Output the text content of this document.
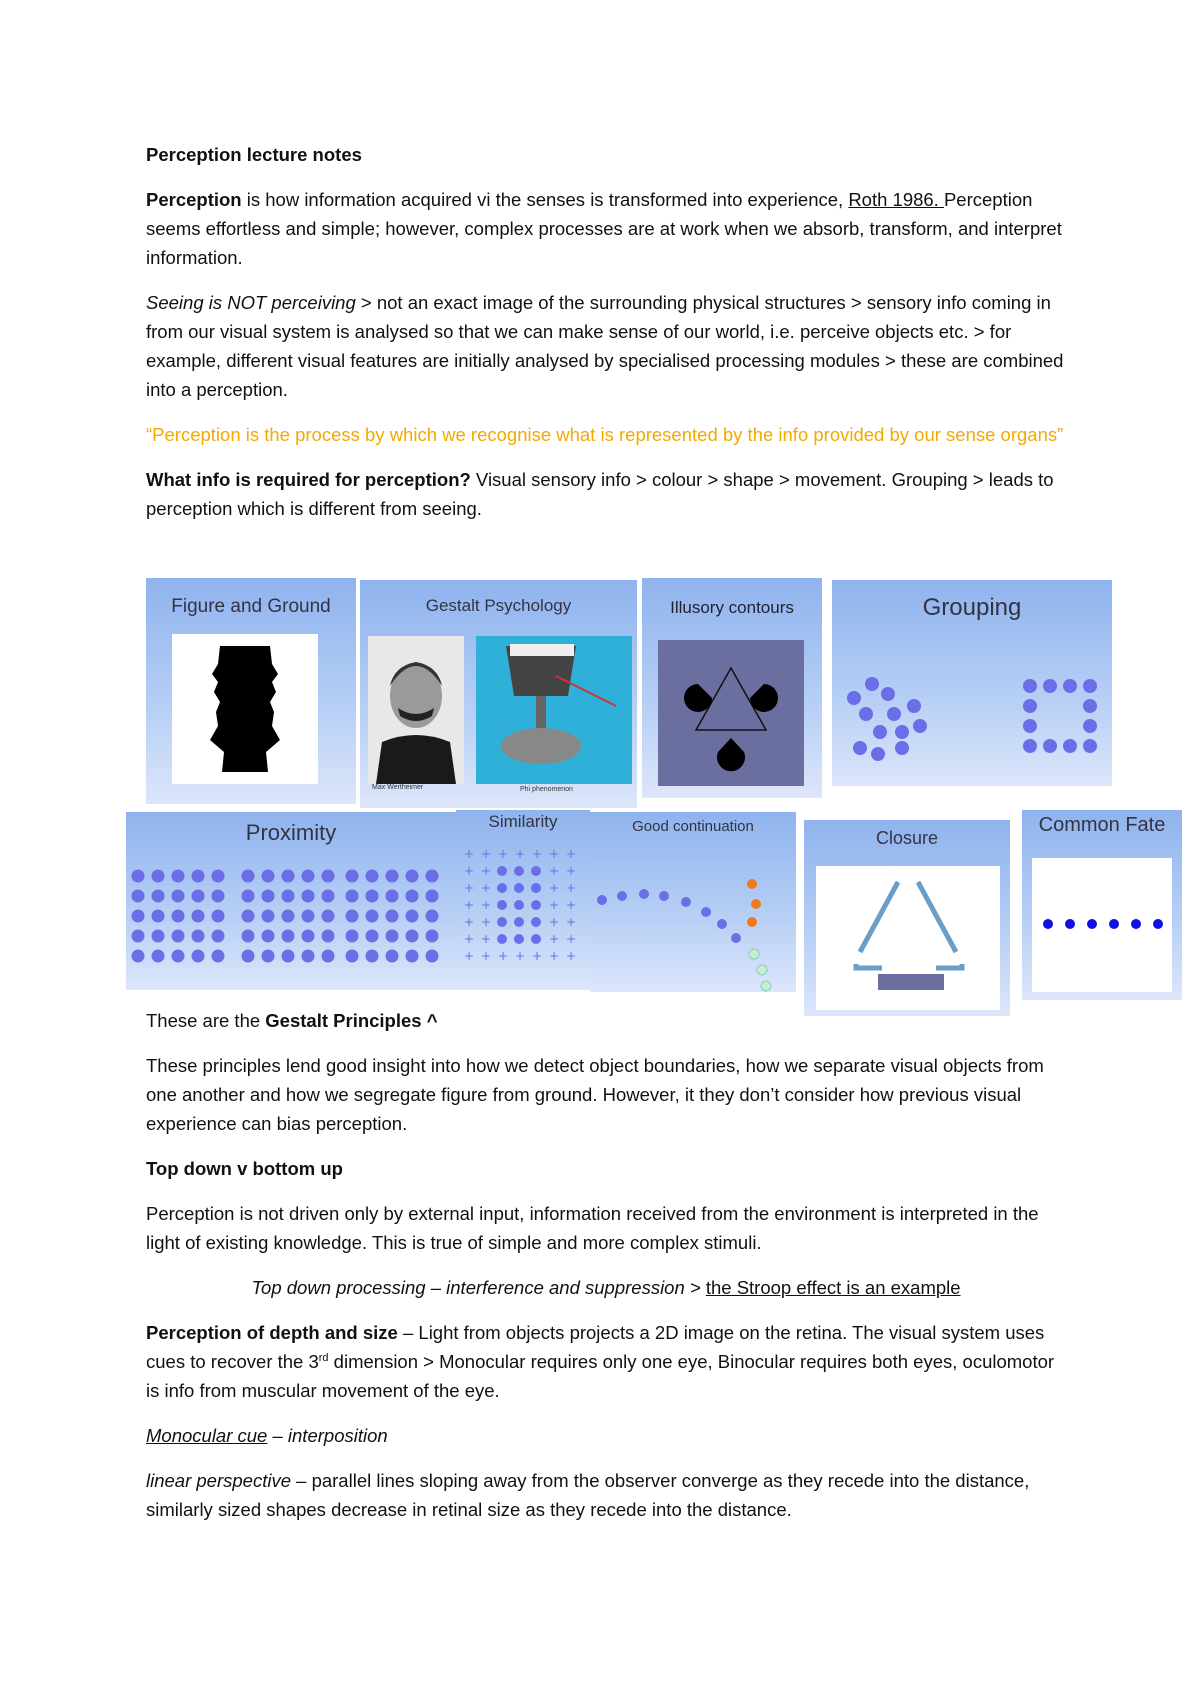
Perception lecture notes

Perception is how information acquired vi the senses is transformed into experience, Roth 1986. Perception seems effortless and simple; however, complex processes are at work when we absorb, transform, and interpret information.

Seeing is NOT perceiving > not an exact image of the surrounding physical structures > sensory info coming in from our visual system is analysed so that we can make sense of our world, i.e. perceive objects etc. > for example, different visual features are initially analysed by specialised processing modules > these are combined into a perception.

“Perception is the process by which we recognise what is represented by the info provided by our sense organs”

What info is required for perception? Visual sensory info > colour > shape > movement. Grouping > leads to perception which is different from seeing.

Figure and Ground	Gestalt Psychology
Max Wertheimer	Phi phenomenon
Illusory contours	Grouping
Proximity	Similarity
+ + + + + + +
+ +	+ +
+ +	+ +
+ +	+ +
+ +	+ +
+ +	+ +
+ + + + + + +
Good continuation
Closure
Common Fate

These are the Gestalt Principles ^

These principles lend good insight into how we detect object boundaries, how we separate visual objects from one another and how we segregate figure from ground. However, it they don’t consider how previous visual experience can bias perception.

Top down v bottom up

Perception is not driven only by external input, information received from the environment is interpreted in the light of existing knowledge. This is true of simple and more complex stimuli.

Top down processing – interference and suppression > the Stroop effect is an example

Perception of depth and size – Light from objects projects a 2D image on the retina. The visual system uses cues to recover the 3rd dimension > Monocular requires only one eye, Binocular requires both eyes, oculomotor is info from muscular movement of the eye.

Monocular cue – interposition

linear perspective – parallel lines sloping away from the observer converge as they recede into the distance, similarly sized shapes decrease in retinal size as they recede into the distance.
